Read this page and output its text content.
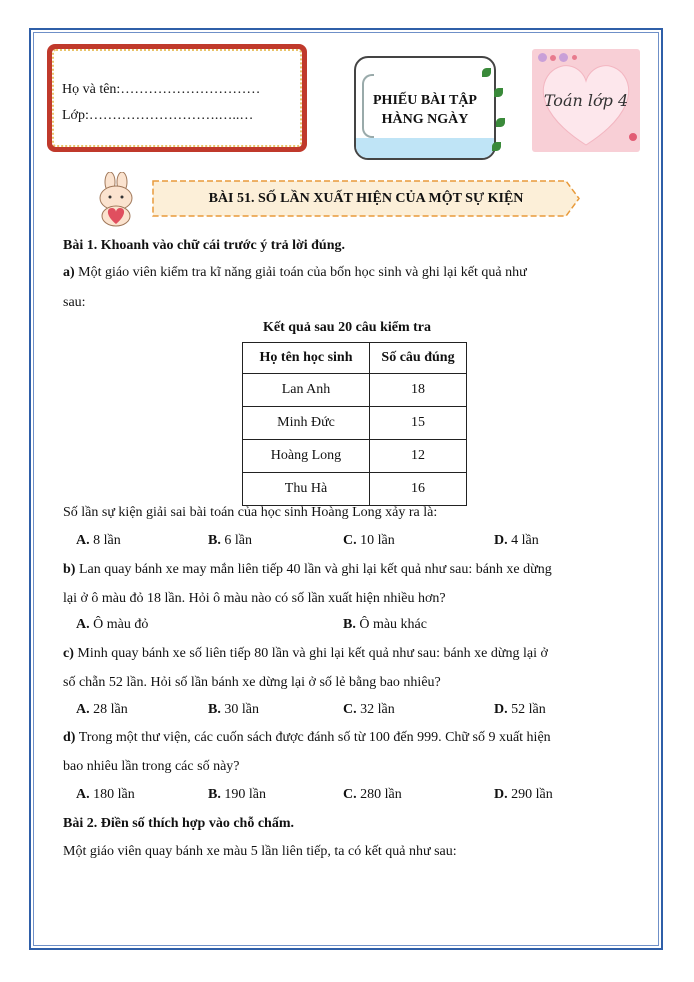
Họ và tên:…………………………
Lớp:……………………….…..…
PHIẾU BÀI TẬP
HÀNG NGÀY
Toán lớp 4
BÀI 51. SỐ LẦN XUẤT HIỆN CỦA MỘT SỰ KIỆN
Bài 1. Khoanh vào chữ cái trước ý trả lời đúng.
a) Một giáo viên kiểm tra kĩ năng giải toán của bốn học sinh và ghi lại kết quả như
sau:
Kết quả sau 20 câu kiểm tra
Họ tên học sinh	Số câu đúng
Lan Anh	18
Minh Đức	15
Hoàng Long	12
Thu Hà	16
Số lần sự kiện giải sai bài toán của học sinh Hoàng Long xảy ra là:
A. 8 lần	B. 6 lần	C. 10 lần	D. 4 lần
b) Lan quay bánh xe may mắn liên tiếp 40 lần và ghi lại kết quả như sau: bánh xe dừng
lại ở ô màu đỏ 18 lần. Hỏi ô màu nào có số lần xuất hiện nhiều hơn?
A. Ô màu đỏ	B. Ô màu khác
c) Minh quay bánh xe số liên tiếp 80 lần và ghi lại kết quả như sau: bánh xe dừng lại ở
số chẵn 52 lần. Hỏi số lần bánh xe dừng lại ở số lẻ bằng bao nhiêu?
A. 28 lần	B. 30 lần	C. 32 lần	D. 52 lần
d) Trong một thư viện, các cuốn sách được đánh số từ 100 đến 999. Chữ số 9 xuất hiện
bao nhiêu lần trong các số này?
A. 180 lần	B. 190 lần	C. 280 lần	D. 290 lần
Bài 2. Điền số thích hợp vào chỗ chấm.
Một giáo viên quay bánh xe màu 5 lần liên tiếp, ta có kết quả như sau:
